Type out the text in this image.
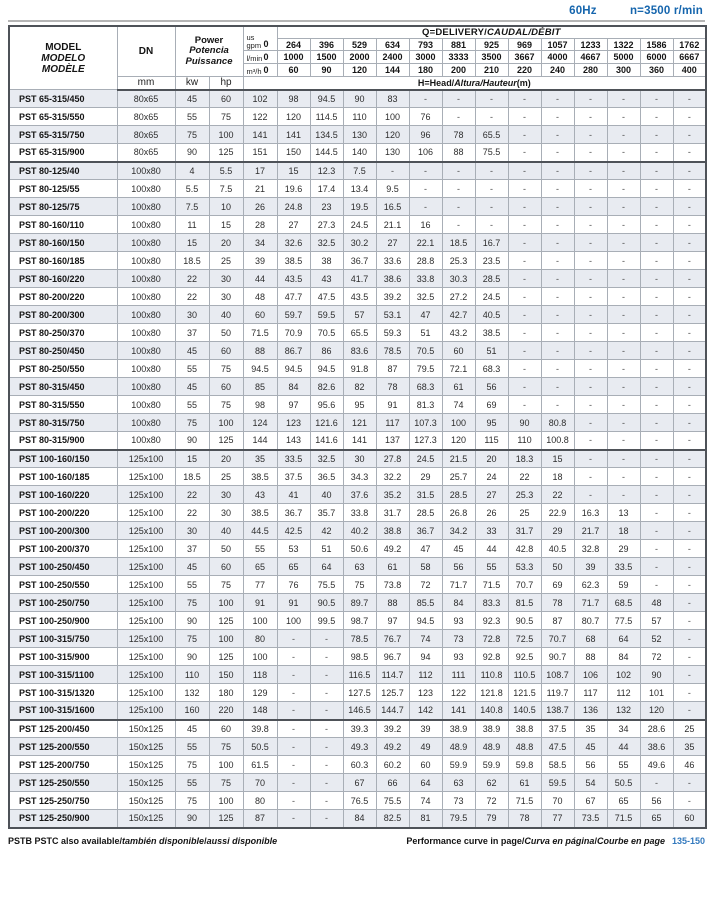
60Hz	n=3500 r/min
MODEL
MODELO
MODÈLE
	DN	
Power
Potencia
Puissance

us
gpm 0
	Q=DELIVERY/CAUDAL/DÉBIT
					264	396	529	634	793	881	925	969	1057	1233	1322	1586	1762

				l/min 0	1000	1500	2000	2400	3000	3333	3500	3667	4000	4667	5000	6000	6667

				m³/h 0	60	90	120	144	180	200	210	220	240	280	300	360	400
	mm	kw	hp	H=Head/Altura/Hauteur(m)													
PST 65-315/450	80x65	45	60	102	98	94.5	90	83	-	-	-	-	-	-	-	-	-
PST 65-315/550	80x65	55	75	122	120	114.5	110	100	76	-	-	-	-	-	-	-	-
PST 65-315/750	80x65	75	100	141	141	134.5	130	120	96	78	65.5	-	-	-	-	-	-
PST 65-315/900	80x65	90	125	151	150	144.5	140	130	106	88	75.5	-	-	-	-	-	-
PST 80-125/40	100x80	4	5.5	17	15	12.3	7.5	-	-	-	-	-	-	-	-	-	-
PST 80-125/55	100x80	5.5	7.5	21	19.6	17.4	13.4	9.5	-	-	-	-	-	-	-	-	-
PST 80-125/75	100x80	7.5	10	26	24.8	23	19.5	16.5	-	-	-	-	-	-	-	-	-
PST 80-160/110	100x80	11	15	28	27	27.3	24.5	21.1	16	-	-	-	-	-	-	-	-
PST 80-160/150	100x80	15	20	34	32.6	32.5	30.2	27	22.1	18.5	16.7	-	-	-	-	-	-
PST 80-160/185	100x80	18.5	25	39	38.5	38	36.7	33.6	28.8	25.3	23.5	-	-	-	-	-	-
PST 80-160/220	100x80	22	30	44	43.5	43	41.7	38.6	33.8	30.3	28.5	-	-	-	-	-	-
PST 80-200/220	100x80	22	30	48	47.7	47.5	43.5	39.2	32.5	27.2	24.5	-	-	-	-	-	-
PST 80-200/300	100x80	30	40	60	59.7	59.5	57	53.1	47	42.7	40.5	-	-	-	-	-	-
PST 80-250/370	100x80	37	50	71.5	70.9	70.5	65.5	59.3	51	43.2	38.5	-	-	-	-	-	-
PST 80-250/450	100x80	45	60	88	86.7	86	83.6	78.5	70.5	60	51	-	-	-	-	-	-
PST 80-250/550	100x80	55	75	94.5	94.5	94.5	91.8	87	79.5	72.1	68.3	-	-	-	-	-	-
PST 80-315/450	100x80	45	60	85	84	82.6	82	78	68.3	61	56	-	-	-	-	-	-
PST 80-315/550	100x80	55	75	98	97	95.6	95	91	81.3	74	69	-	-	-	-	-	-
PST 80-315/750	100x80	75	100	124	123	121.6	121	117	107.3	100	95	90	80.8	-	-	-	-
PST 80-315/900	100x80	90	125	144	143	141.6	141	137	127.3	120	115	110	100.8	-	-	-	-
PST 100-160/150	125x100	15	20	35	33.5	32.5	30	27.8	24.5	21.5	20	18.3	15	-	-	-	-
PST 100-160/185	125x100	18.5	25	38.5	37.5	36.5	34.3	32.2	29	25.7	24	22	18	-	-	-	-
PST 100-160/220	125x100	22	30	43	41	40	37.6	35.2	31.5	28.5	27	25.3	22	-	-	-	-
PST 100-200/220	125x100	22	30	38.5	36.7	35.7	33.8	31.7	28.5	26.8	26	25	22.9	16.3	13	-	-
PST 100-200/300	125x100	30	40	44.5	42.5	42	40.2	38.8	36.7	34.2	33	31.7	29	21.7	18	-	-
PST 100-200/370	125x100	37	50	55	53	51	50.6	49.2	47	45	44	42.8	40.5	32.8	29	-	-
PST 100-250/450	125x100	45	60	65	65	64	63	61	58	56	55	53.3	50	39	33.5	-	-
PST 100-250/550	125x100	55	75	77	76	75.5	75	73.8	72	71.7	71.5	70.7	69	62.3	59	-	-
PST 100-250/750	125x100	75	100	91	91	90.5	89.7	88	85.5	84	83.3	81.5	78	71.7	68.5	48	-
PST 100-250/900	125x100	90	125	100	100	99.5	98.7	97	94.5	93	92.3	90.5	87	80.7	77.5	57	-
PST 100-315/750	125x100	75	100	80	-	-	78.5	76.7	74	73	72.8	72.5	70.7	68	64	52	-
PST 100-315/900	125x100	90	125	100	-	-	98.5	96.7	94	93	92.8	92.5	90.7	88	84	72	-
PST 100-315/1100	125x100	110	150	118	-	-	116.5	114.7	112	111	110.8	110.5	108.7	106	102	90	-
PST 100-315/1320	125x100	132	180	129	-	-	127.5	125.7	123	122	121.8	121.5	119.7	117	112	101	-
PST 100-315/1600	125x100	160	220	148	-	-	146.5	144.7	142	141	140.8	140.5	138.7	136	132	120	-
PST 125-200/450	150x125	45	60	39.8	-	-	39.3	39.2	39	38.9	38.9	38.8	37.5	35	34	28.6	25
PST 125-200/550	150x125	55	75	50.5	-	-	49.3	49.2	49	48.9	48.9	48.8	47.5	45	44	38.6	35
PST 125-200/750	150x125	75	100	61.5	-	-	60.3	60.2	60	59.9	59.9	59.8	58.5	56	55	49.6	46
PST 125-250/550	150x125	55	75	70	-	-	67	66	64	63	62	61	59.5	54	50.5	-	-
PST 125-250/750	150x125	75	100	80	-	-	76.5	75.5	74	73	72	71.5	70	67	65	56	-
PST 125-250/900	150x125	90	125	87	-	-	84	82.5	81	79.5	79	78	77	73.5	71.5	65	60
PSTB PSTC also available/también disponible/aussi disponible	Performance curve in page/Curva en página/Courbe en page 135-150
